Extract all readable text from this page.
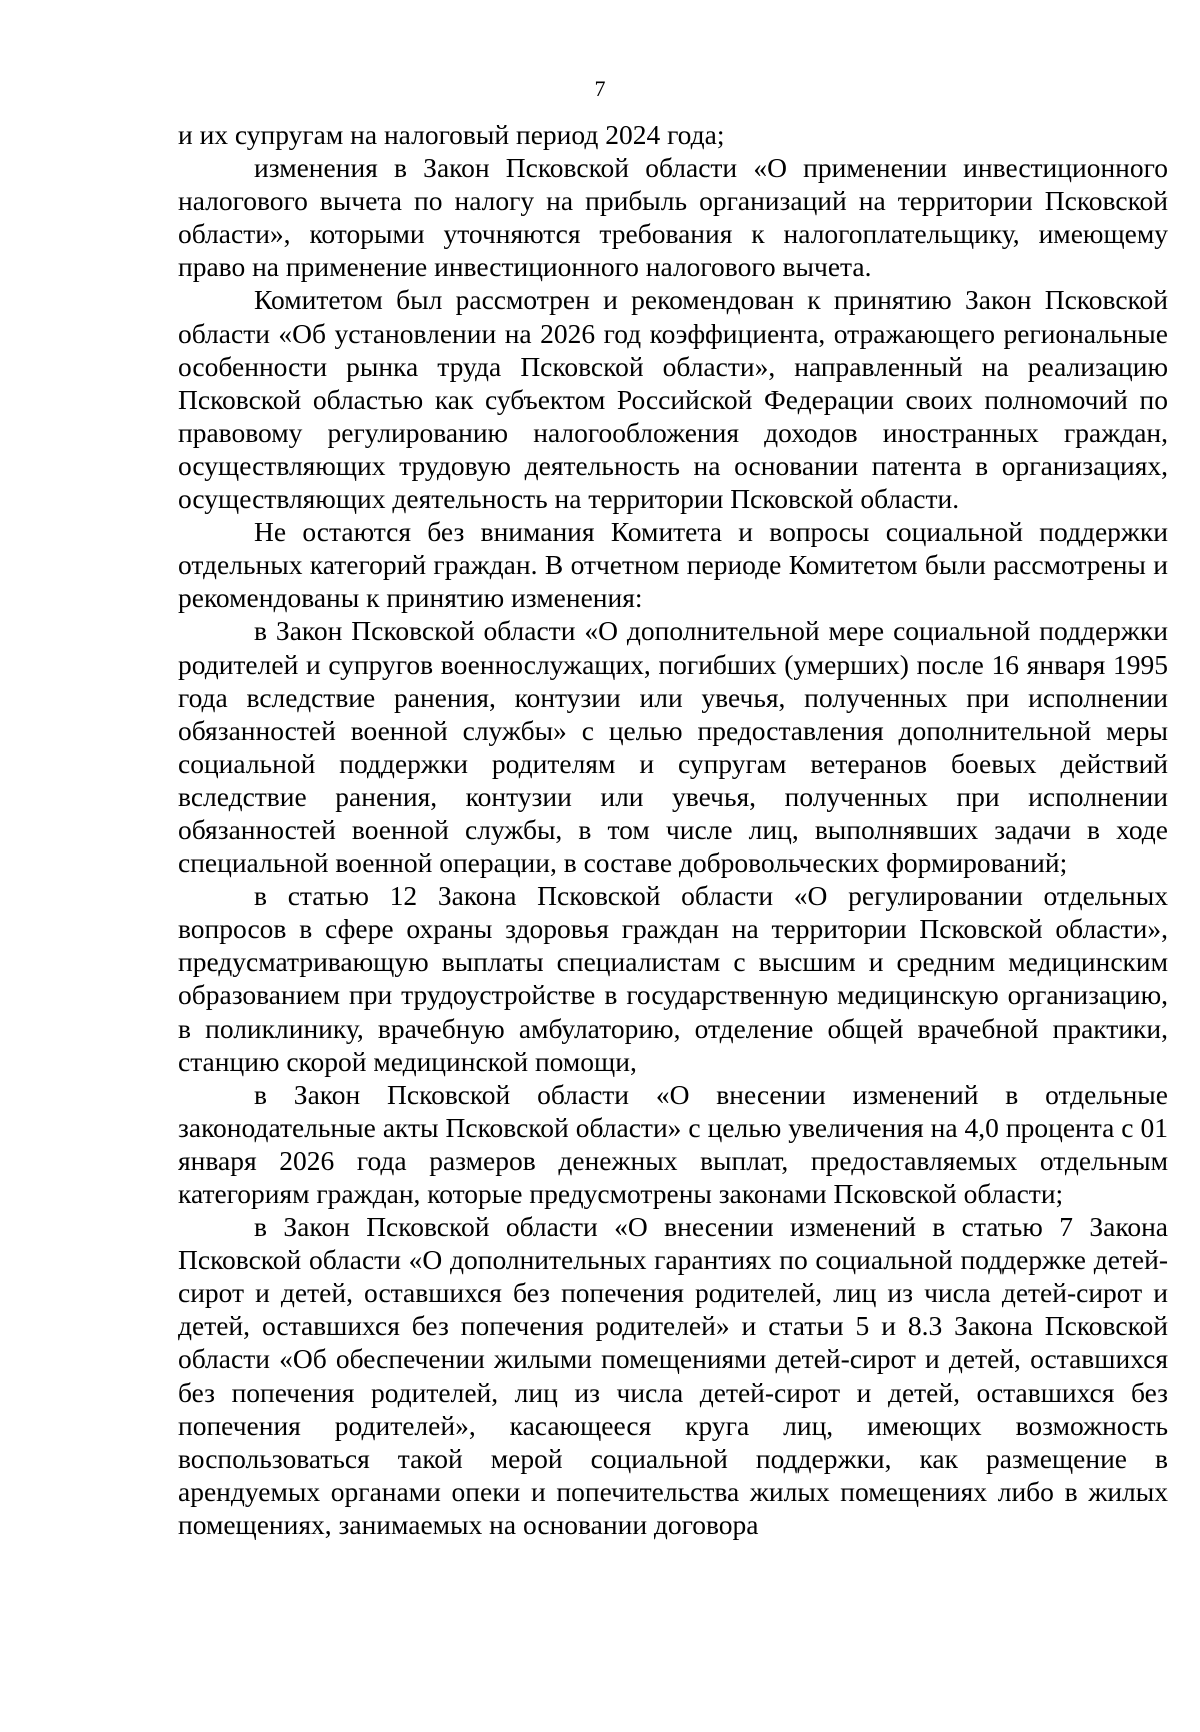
7

и их супругам на налоговый период 2024 года;

изменения в Закон Псковской области «О применении инвестиционного налогового вычета по налогу на прибыль организаций на территории Псковской области», которыми уточняются требования к налогоплательщику, имеющему право на применение инвестиционного налогового вычета.

Комитетом был рассмотрен и рекомендован к принятию Закон Псковской области «Об установлении на 2026 год коэффициента, отражающего региональные особенности рынка труда Псковской области», направленный на реализацию Псковской областью как субъектом Российской Федерации своих полномочий по правовому регулированию налогообложения доходов иностранных граждан, осуществляющих трудовую деятельность на основании патента в организациях, осуществляющих деятельность на территории Псковской области.

Не остаются без внимания Комитета и вопросы социальной поддержки отдельных категорий граждан. В отчетном периоде Комитетом были рассмотрены и рекомендованы к принятию изменения:

в Закон Псковской области «О дополнительной мере социальной поддержки родителей и супругов военнослужащих, погибших (умерших) после 16 января 1995 года вследствие ранения, контузии или увечья, полученных при исполнении обязанностей военной службы» с целью предоставления дополнительной меры социальной поддержки родителям и супругам ветеранов боевых действий вследствие ранения, контузии или увечья, полученных при исполнении обязанностей военной службы, в том числе лиц, выполнявших задачи в ходе специальной военной операции, в составе добровольческих формирований;

в статью 12 Закона Псковской области «О регулировании отдельных вопросов в сфере охраны здоровья граждан на территории Псковской области», предусматривающую выплаты специалистам с высшим и средним медицинским образованием при трудоустройстве в государственную медицинскую организацию, в поликлинику, врачебную амбулаторию, отделение общей врачебной практики, станцию скорой медицинской помощи,

в Закон Псковской области «О внесении изменений в отдельные законодательные акты Псковской области» с целью увеличения на 4,0 процента с 01 января 2026 года размеров денежных выплат, предоставляемых отдельным категориям граждан, которые предусмотрены законами Псковской области;

в Закон Псковской области «О внесении изменений в статью 7 Закона Псковской области «О дополнительных гарантиях по социальной поддержке детей-сирот и детей, оставшихся без попечения родителей, лиц из числа детей-сирот и детей, оставшихся без попечения родителей» и статьи 5 и 8.3 Закона Псковской области «Об обеспечении жилыми помещениями детей-сирот и детей, оставшихся без попечения родителей, лиц из числа детей-сирот и детей, оставшихся без попечения родителей», касающееся круга лиц, имеющих возможность воспользоваться такой мерой социальной поддержки, как размещение в арендуемых органами опеки и попечительства жилых помещениях либо в жилых помещениях, занимаемых на основании договора
